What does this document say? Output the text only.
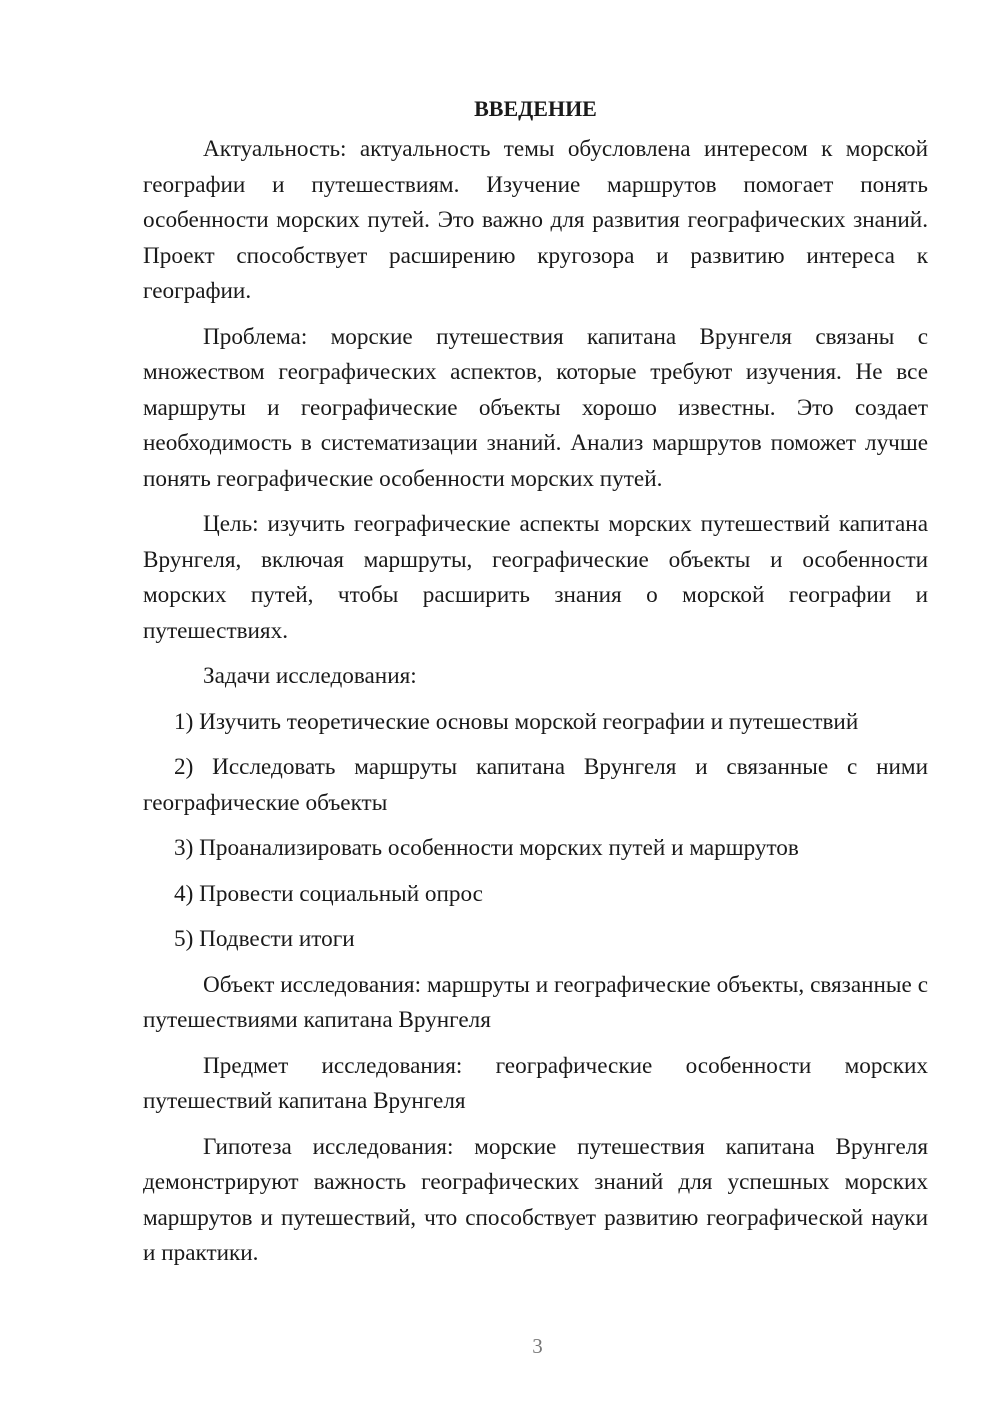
ВВЕДЕНИЕ

Актуальность: актуальность темы обусловлена интересом к морской географии и путешествиям. Изучение маршрутов помогает понять особенности морских путей. Это важно для развития географических знаний. Проект способствует расширению кругозора и развитию интереса к географии.

Проблема: морские путешествия капитана Врунгеля связаны с множеством географических аспектов, которые требуют изучения. Не все маршруты и географические объекты хорошо известны. Это создает необходимость в систематизации знаний. Анализ маршрутов поможет лучше понять географические особенности морских путей.

Цель: изучить географические аспекты морских путешествий капитана Врунгеля, включая маршруты, географические объекты и особенности морских путей, чтобы расширить знания о морской географии и путешествиях.

Задачи исследования:

1) Изучить теоретические основы морской географии и путешествий

2) Исследовать маршруты капитана Врунгеля и связанные с ними географические объекты

3) Проанализировать особенности морских путей и маршрутов

4) Провести социальный опрос

5) Подвести итоги

Объект исследования: маршруты и географические объекты, связанные с путешествиями капитана Врунгеля

Предмет исследования: географические особенности морских путешествий капитана Врунгеля

Гипотеза исследования: морские путешествия капитана Врунгеля демонстрируют важность географических знаний для успешных морских маршрутов и путешествий, что способствует развитию географической науки и практики.

3
